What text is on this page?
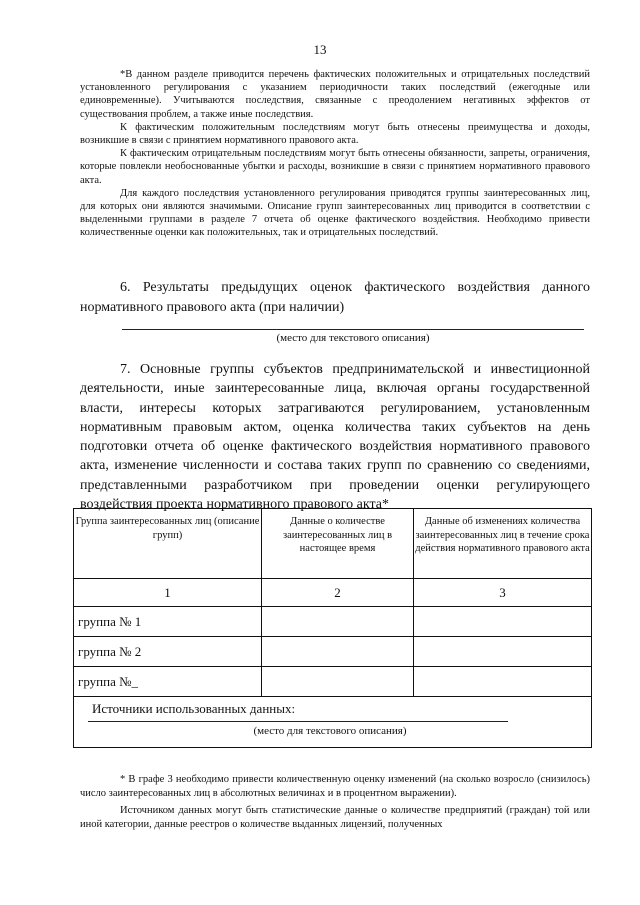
13

*В данном разделе приводится перечень фактических положительных и отрицательных последствий установленного регулирования с указанием периодичности таких последствий (ежегодные или единовременные). Учитываются последствия, связанные с преодолением негативных эффектов от существования проблем, а также иные последствия.

К фактическим положительным последствиям могут быть отнесены преимущества и доходы, возникшие в связи с принятием нормативного правового акта.

К фактическим отрицательным последствиям могут быть отнесены обязанности, запреты, ограничения, которые повлекли необоснованные убытки и расходы, возникшие в связи с принятием нормативного правового акта.

Для каждого последствия установленного регулирования приводятся группы заинтересованных лиц, для которых они являются значимыми. Описание групп заинтересованных лиц приводится в соответствии с выделенными группами в разделе 7 отчета об оценке фактического воздействия. Необходимо привести количественные оценки как положительных, так и отрицательных последствий.

6. Результаты предыдущих оценок фактического воздействия данного нормативного правового акта (при наличии)

(место для текстового описания)

7. Основные группы субъектов предпринимательской и инвестиционной деятельности, иные заинтересованные лица, включая органы государственной власти, интересы которых затрагиваются регулированием, установленным нормативным правовым актом, оценка количества таких субъектов на день подготовки отчета об оценке фактического воздействия нормативного правового акта, изменение численности и состава таких групп по сравнению со сведениями, представленными разработчиком при проведении оценки регулирующего воздействия проекта нормативного правового акта*

Группа заинтересованных лиц (описание групп)
Данные о количестве заинтересованных лиц в настоящее время
Данные об изменениях количества заинтересованных лиц в течение срока действия нормативного правового акта
1	2	3
группа № 1
группа № 2
группа №_
Источники использованных данных:
(место для текстового описания)

* В графе 3 необходимо привести количественную оценку изменений (на сколько возросло (снизилось) число заинтересованных лиц в абсолютных величинах и в процентном выражении).

Источником данных могут быть статистические данные о количестве предприятий (граждан) той или иной категории, данные реестров о количестве выданных лицензий, полученных
